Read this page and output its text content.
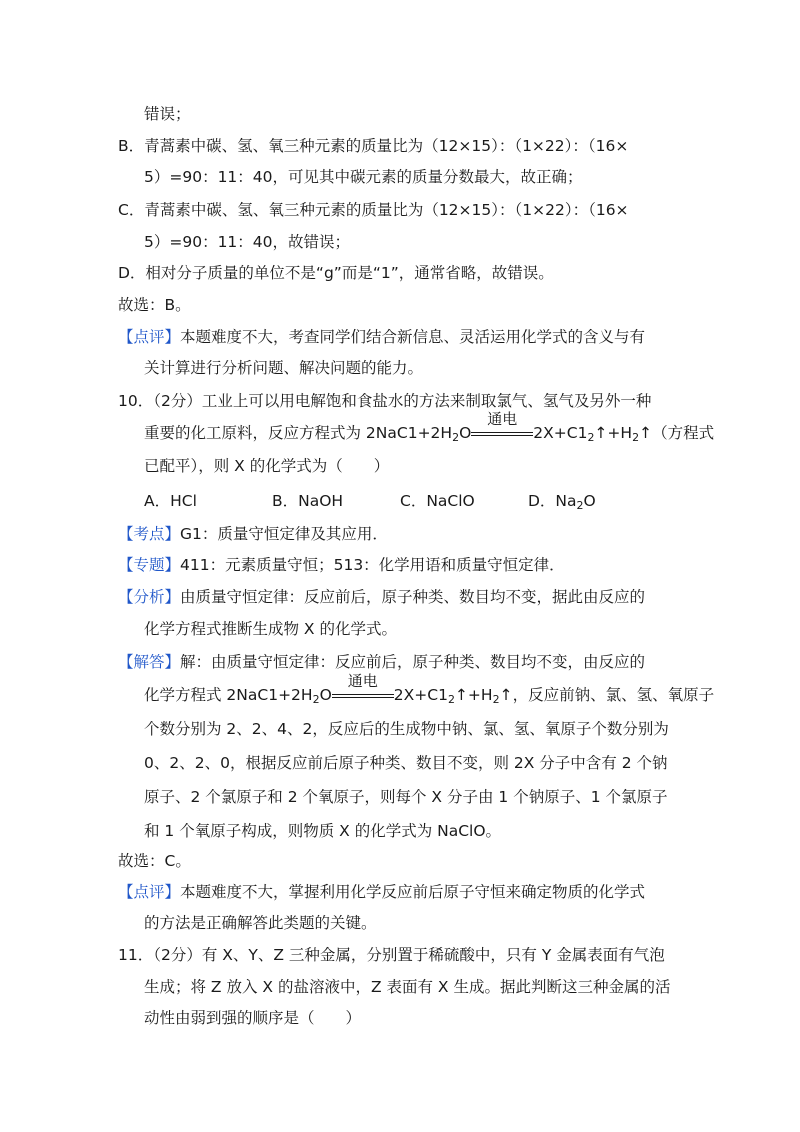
错误；
B．青蒿素中碳、氢、氧三种元素的质量比为（12×15）：（1×22）：（16×
5）=90：11：40，可见其中碳元素的质量分数最大，故正确；
C．青蒿素中碳、氢、氧三种元素的质量比为（12×15）：（1×22）：（16×
5）=90：11：40，故错误；
D．相对分子质量的单位不是“g”而是“1”，通常省略，故错误。
故选：B。
【点评】本题难度不大，考查同学们结合新信息、灵活运用化学式的含义与有
关计算进行分析问题、解决问题的能力。
10．（2分）工业上可以用电解饱和食盐水的方法来制取氯气、氢气及另外一种
重要的化工原料，反应方程式为 $2NaC1+2H_2O$
通电
$2X+C1_2↑+H_2↑$（方程式
已配平），则 X 的化学式为（　　）
A．HCl	B．NaOH	C．NaClO	D．$Na_2O$
【考点】G1：质量守恒定律及其应用．
【专题】411：元素质量守恒；513：化学用语和质量守恒定律．
【分析】由质量守恒定律：反应前后，原子种类、数目均不变，据此由反应的
化学方程式推断生成物 X 的化学式。
【解答】解：由质量守恒定律：反应前后，原子种类、数目均不变，由反应的
化学方程式 $2NaC1+2H_2O$
通电
$2X+C1_2↑+H_2↑$，反应前钠、氯、氢、氧原子
个数分别为 2、2、4、2，反应后的生成物中钠、氯、氢、氧原子个数分别为
0、2、2、0，根据反应前后原子种类、数目不变，则 2X 分子中含有 2 个钠
原子、2 个氯原子和 2 个氧原子，则每个 X 分子由 1 个钠原子、1 个氯原子
和 1 个氧原子构成，则物质 X 的化学式为 NaClO。
故选：C。
【点评】本题难度不大，掌握利用化学反应前后原子守恒来确定物质的化学式
的方法是正确解答此类题的关键。
11．（2分）有 X、Y、Z 三种金属，分别置于稀硫酸中，只有 Y 金属表面有气泡
生成；将 Z 放入 X 的盐溶液中，Z 表面有 X 生成。据此判断这三种金属的活
动性由弱到强的顺序是（　　）
